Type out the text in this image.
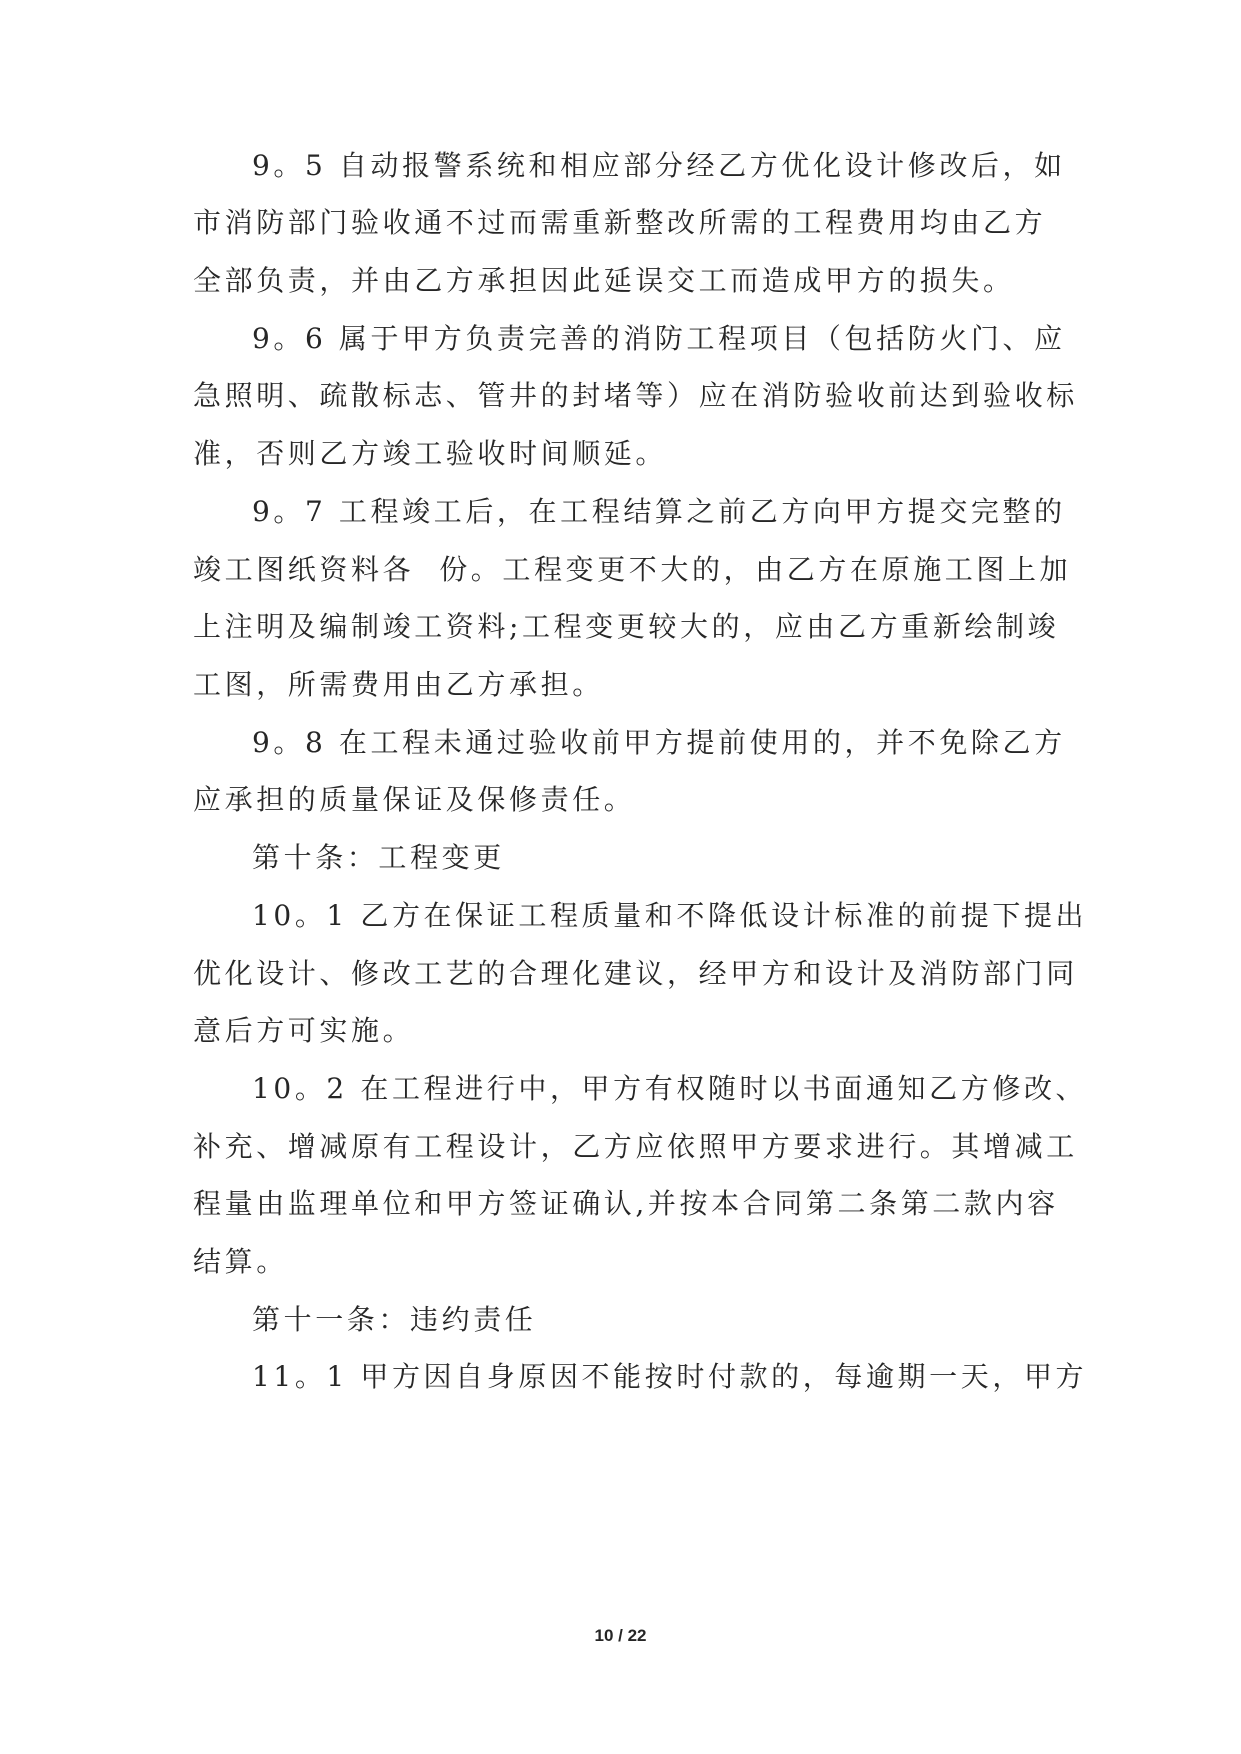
9。5 自动报警系统和相应部分经乙方优化设计修改后，如
市消防部门验收通不过而需重新整改所需的工程费用均由乙方
全部负责，并由乙方承担因此延误交工而造成甲方的损失。
9。6 属于甲方负责完善的消防工程项目（包括防火门、应
急照明、疏散标志、管井的封堵等）应在消防验收前达到验收标
准，否则乙方竣工验收时间顺延。
9。7 工程竣工后，在工程结算之前乙方向甲方提交完整的
竣工图纸资料各  份。工程变更不大的，由乙方在原施工图上加
上注明及编制竣工资料;工程变更较大的，应由乙方重新绘制竣
工图，所需费用由乙方承担。
9。8 在工程未通过验收前甲方提前使用的，并不免除乙方
应承担的质量保证及保修责任。
第十条：工程变更
10。1 乙方在保证工程质量和不降低设计标准的前提下提出
优化设计、修改工艺的合理化建议，经甲方和设计及消防部门同
意后方可实施。
10。2 在工程进行中，甲方有权随时以书面通知乙方修改、
补充、增减原有工程设计，乙方应依照甲方要求进行。其增减工
程量由监理单位和甲方签证确认,并按本合同第二条第二款内容
结算。
第十一条：违约责任
11。1 甲方因自身原因不能按时付款的，每逾期一天，甲方
10 / 22
